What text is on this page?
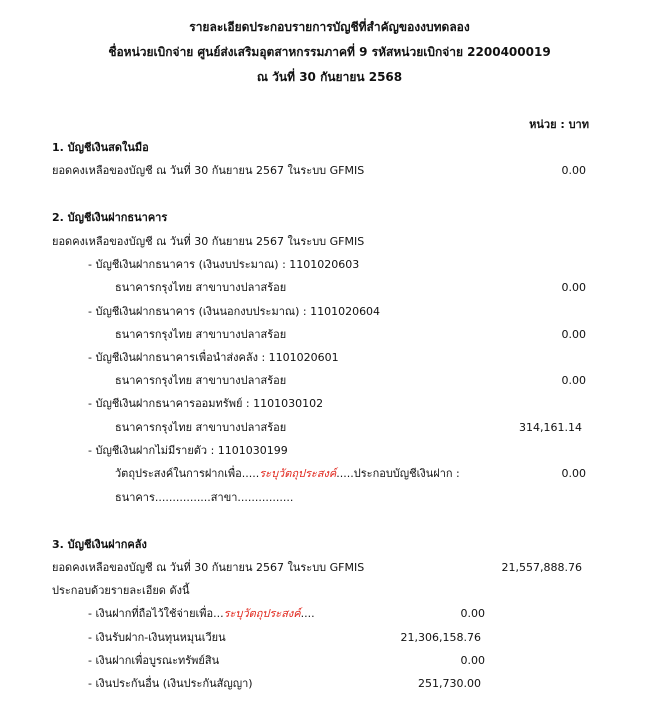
รายละเอียดประกอบรายการบัญชีที่สำคัญของงบทดลอง
ชื่อหน่วยเบิกจ่าย ศูนย์ส่งเสริมอุตสาหกรรมภาคที่ 9 รหัสหน่วยเบิกจ่าย 2200400019
ณ วันที่ 30 กันยายน 2568
หน่วย : บาท
1. บัญชีเงินสดในมือ
ยอดคงเหลือของบัญชี ณ วันที่ 30 กันยายน 2567 ในระบบ GFMIS	0.00
2. บัญชีเงินฝากธนาคาร
ยอดคงเหลือของบัญชี ณ วันที่ 30 กันยายน 2567 ในระบบ GFMIS
- บัญชีเงินฝากธนาคาร (เงินงบประมาณ) : 1101020603
ธนาคารกรุงไทย สาขาบางปลาสร้อย	0.00
- บัญชีเงินฝากธนาคาร (เงินนอกงบประมาณ) : 1101020604
ธนาคารกรุงไทย สาขาบางปลาสร้อย	0.00
- บัญชีเงินฝากธนาคารเพื่อนำส่งคลัง : 1101020601
ธนาคารกรุงไทย สาขาบางปลาสร้อย	0.00
- บัญชีเงินฝากธนาคารออมทรัพย์ : 1101030102
ธนาคารกรุงไทย สาขาบางปลาสร้อย	314,161.14
- บัญชีเงินฝากไม่มีรายตัว : 1101030199
วัตถุประสงค์ในการฝากเพื่อ.....ระบุวัตถุประสงค์.....ประกอบบัญชีเงินฝาก :	0.00
ธนาคาร................สาขา................
3. บัญชีเงินฝากคลัง
ยอดคงเหลือของบัญชี ณ วันที่ 30 กันยายน 2567 ในระบบ GFMIS	21,557,888.76
ประกอบด้วยรายละเอียด ดังนี้
- เงินฝากที่ถือไว้ใช้จ่ายเพื่อ...ระบุวัตถุประสงค์....	0.00
- เงินรับฝาก-เงินทุนหมุนเวียน	21,306,158.76
- เงินฝากเพื่อบูรณะทรัพย์สิน	0.00
- เงินประกันอื่น (เงินประกันสัญญา)	251,730.00
